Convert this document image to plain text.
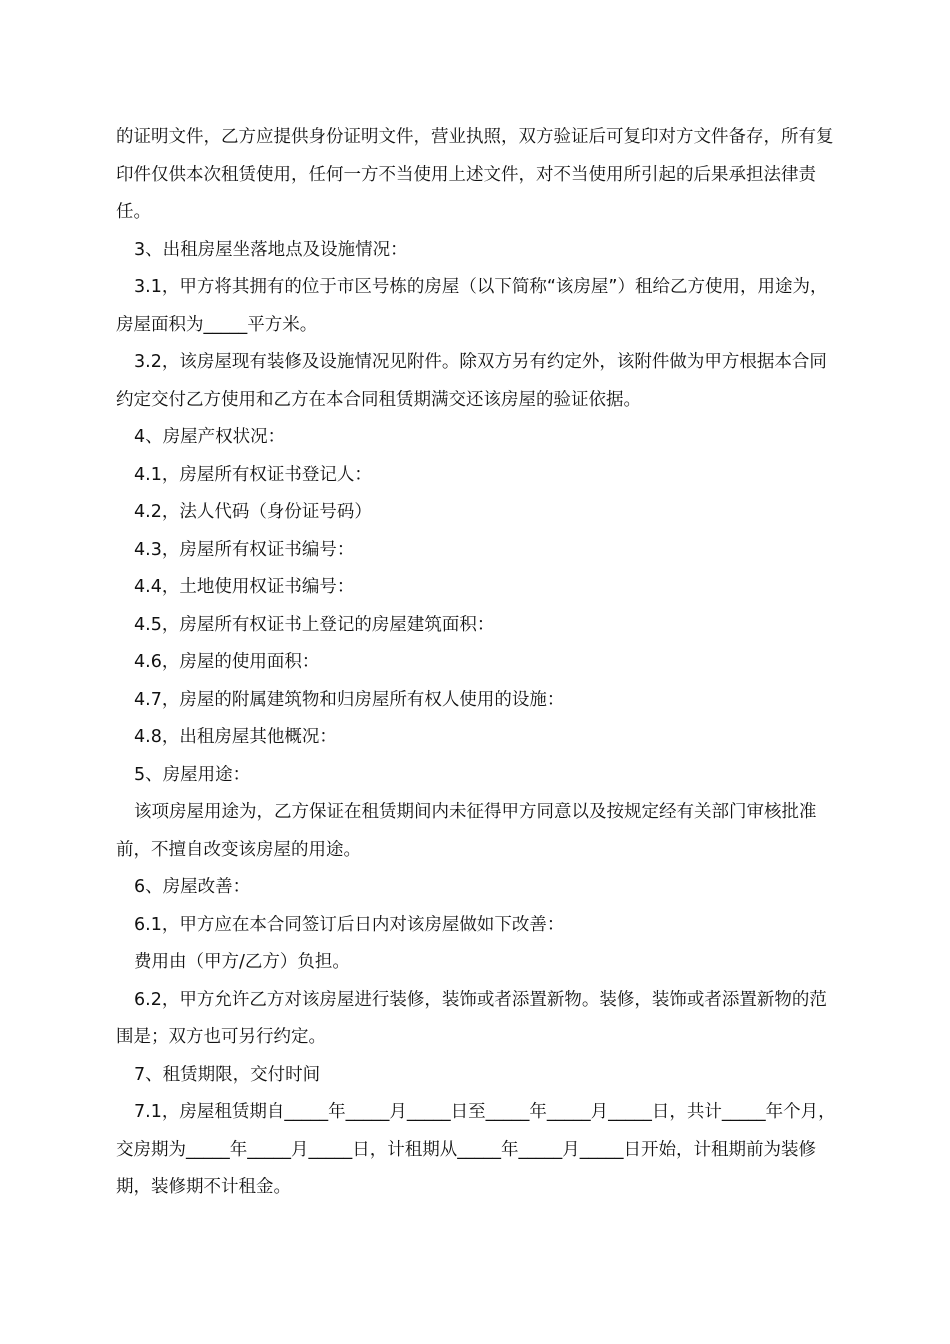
的证明文件，乙方应提供身份证明文件，营业执照，双方验证后可复印对方文件备存，所有复印件仅供本次租赁使用，任何一方不当使用上述文件，对不当使用所引起的后果承担法律责任。

3、出租房屋坐落地点及设施情况：

3.1，甲方将其拥有的位于市区号栋的房屋（以下简称“该房屋”）租给乙方使用，用途为，房屋面积为_____平方米。

3.2，该房屋现有装修及设施情况见附件。除双方另有约定外，该附件做为甲方根据本合同约定交付乙方使用和乙方在本合同租赁期满交还该房屋的验证依据。

4、房屋产权状况：

4.1，房屋所有权证书登记人：

4.2，法人代码（身份证号码）

4.3，房屋所有权证书编号：

4.4，土地使用权证书编号：

4.5，房屋所有权证书上登记的房屋建筑面积：

4.6，房屋的使用面积：

4.7，房屋的附属建筑物和归房屋所有权人使用的设施：

4.8，出租房屋其他概况：

5、房屋用途：

该项房屋用途为，乙方保证在租赁期间内未征得甲方同意以及按规定经有关部门审核批准前，不擅自改变该房屋的用途。

6、房屋改善：

6.1，甲方应在本合同签订后日内对该房屋做如下改善：

费用由（甲方/乙方）负担。

6.2，甲方允许乙方对该房屋进行装修，装饰或者添置新物。装修，装饰或者添置新物的范围是；双方也可另行约定。

7、租赁期限，交付时间

7.1，房屋租赁期自_____年_____月_____日至_____年_____月_____日，共计_____年个月，交房期为_____年_____月_____日，计租期从_____年_____月_____日开始，计租期前为装修期，装修期不计租金。
